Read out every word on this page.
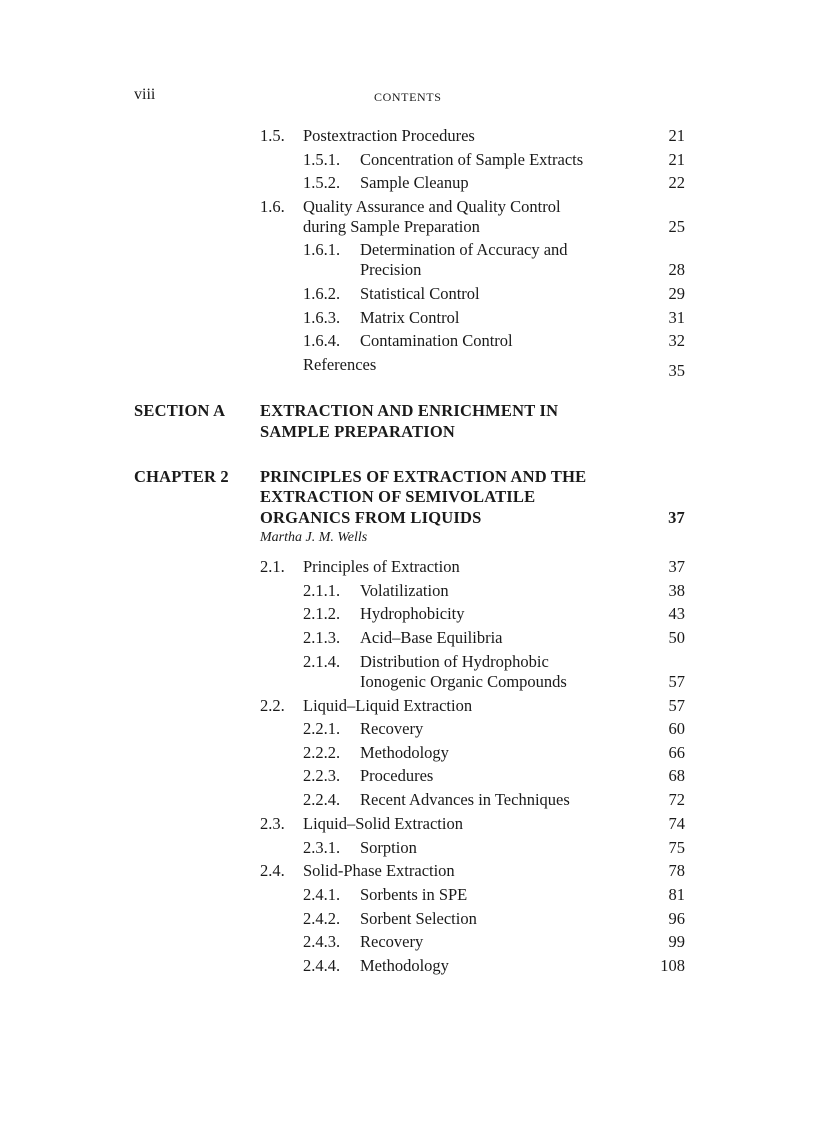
viii	CONTENTS
1.5. Postextraction Procedures	21
1.5.1. Concentration of Sample Extracts	21
1.5.2. Sample Cleanup	22
1.6. Quality Assurance and Quality Control
during Sample Preparation	25
1.6.1. Determination of Accuracy and
Precision	28
1.6.2. Statistical Control	29
1.6.3. Matrix Control	31
1.6.4. Contamination Control	32
References	35
SECTION A EXTRACTION AND ENRICHMENT IN
SAMPLE PREPARATION
CHAPTER 2 PRINCIPLES OF EXTRACTION AND THE
EXTRACTION OF SEMIVOLATILE
ORGANICS FROM LIQUIDS	37
Martha J. M. Wells
2.1. Principles of Extraction	37
2.1.1. Volatilization	38
2.1.2. Hydrophobicity	43
2.1.3. Acid–Base Equilibria	50
2.1.4. Distribution of Hydrophobic
Ionogenic Organic Compounds	57
2.2. Liquid–Liquid Extraction	57
2.2.1. Recovery	60
2.2.2. Methodology	66
2.2.3. Procedures	68
2.2.4. Recent Advances in Techniques	72
2.3. Liquid–Solid Extraction	74
2.3.1. Sorption	75
2.4. Solid-Phase Extraction	78
2.4.1. Sorbents in SPE	81
2.4.2. Sorbent Selection	96
2.4.3. Recovery	99
2.4.4. Methodology	108
